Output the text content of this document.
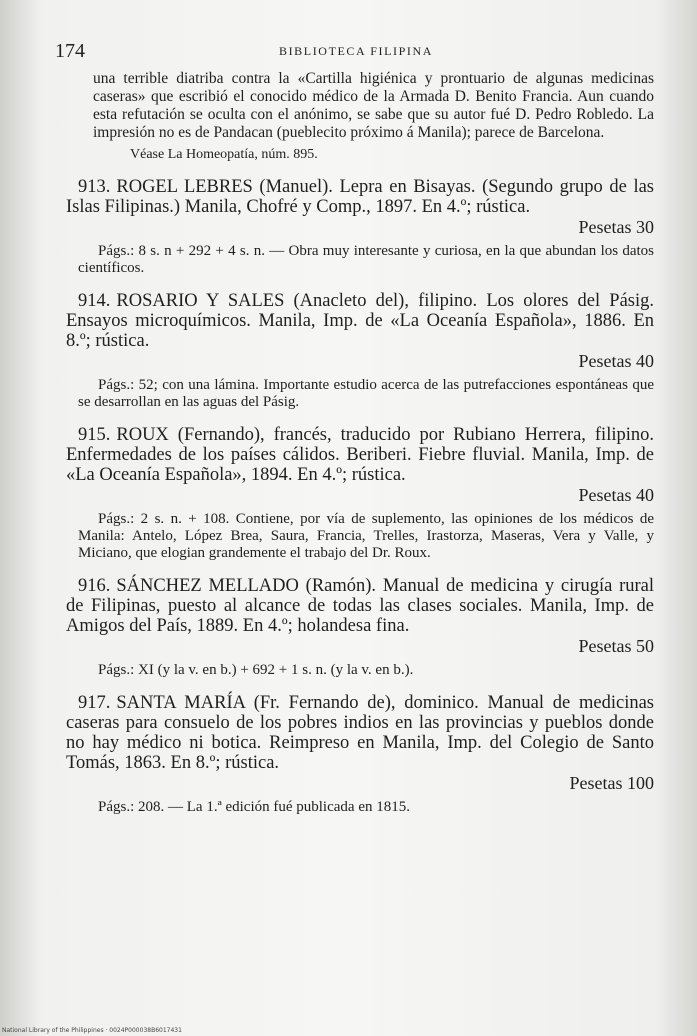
174	BIBLIOTECA FILIPINA

una terrible diatriba contra la «Cartilla higiénica y prontuario de algunas medicinas caseras» que escribió el conocido médico de la Armada D. Benito Francia. Aun cuando esta refutación se oculta con el anónimo, se sabe que su autor fué D. Pedro Robledo. La impresión no es de Pandacan (pueblecito próximo á Manila); parece de Barcelona.

Véase La Homeopatía, núm. 895.

913. ROGEL LEBRES (Manuel). Lepra en Bisayas. (Segundo grupo de las Islas Filipinas.) Manila, Chofré y Comp., 1897. En 4.º; rústica.

Pesetas 30

Págs.: 8 s. n + 292 + 4 s. n. — Obra muy interesante y curiosa, en la que abundan los datos científicos.

914. ROSARIO Y SALES (Anacleto del), filipino. Los olores del Pásig. Ensayos microquímicos. Manila, Imp. de «La Oceanía Española», 1886. En 8.º; rústica.

Pesetas 40

Págs.: 52; con una lámina. Importante estudio acerca de las putrefacciones espontáneas que se desarrollan en las aguas del Pásig.

915. ROUX (Fernando), francés, traducido por Rubiano Herrera, filipino. Enfermedades de los países cálidos. Beriberi. Fiebre fluvial. Manila, Imp. de «La Oceanía Española», 1894. En 4.º; rústica.

Pesetas 40

Págs.: 2 s. n. + 108. Contiene, por vía de suplemento, las opiniones de los médicos de Manila: Antelo, López Brea, Saura, Francia, Trelles, Irastorza, Maseras, Vera y Valle, y Miciano, que elogian grandemente el trabajo del Dr. Roux.

916. SÁNCHEZ MELLADO (Ramón). Manual de medicina y cirugía rural de Filipinas, puesto al alcance de todas las clases sociales. Manila, Imp. de Amigos del País, 1889. En 4.º; holandesa fina.

Pesetas 50

Págs.: XI (y la v. en b.) + 692 + 1 s. n. (y la v. en b.).

917. SANTA MARÍA (Fr. Fernando de), dominico. Manual de medicinas caseras para consuelo de los pobres indios en las provincias y pueblos donde no hay médico ni botica. Reimpreso en Manila, Imp. del Colegio de Santo Tomás, 1863. En 8.º; rústica.

Pesetas 100

Págs.: 208. — La 1.ª edición fué publicada en 1815.

National Library of the Philippines · 0024P000038B6017431
